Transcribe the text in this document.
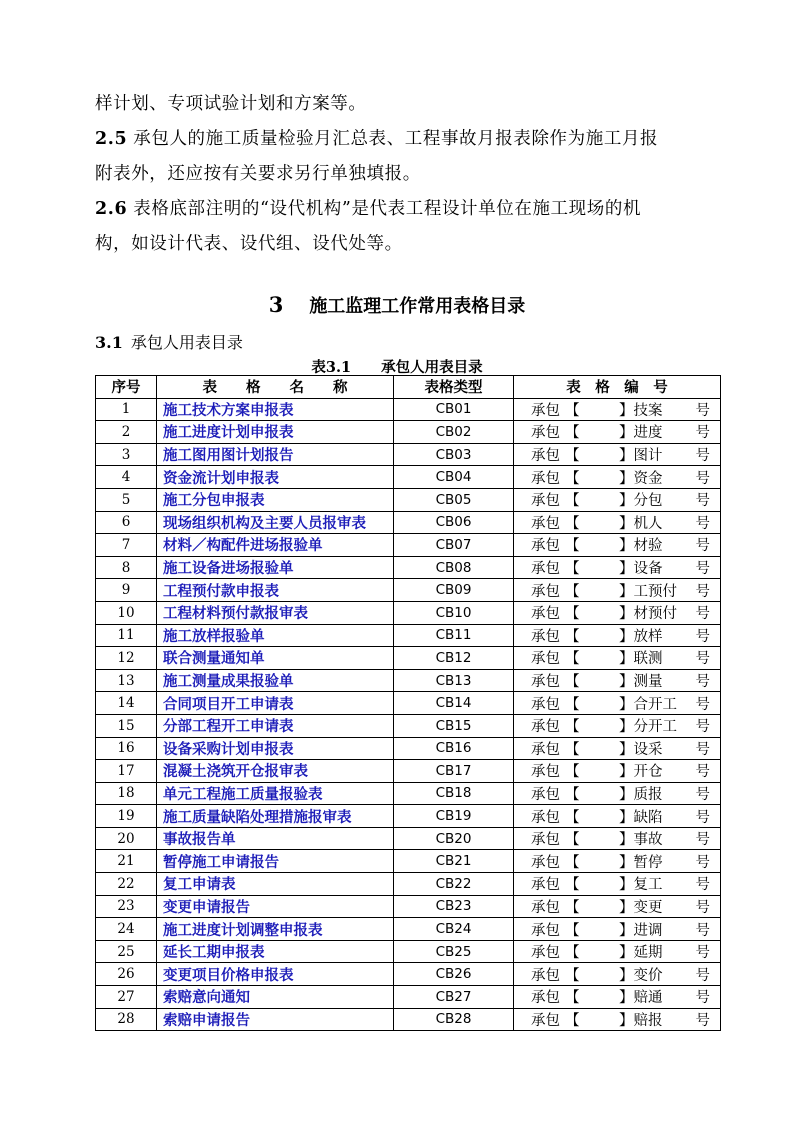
样计划、专项试验计划和方案等。
2.5 承包人的施工质量检验月汇总表、工程事故月报表除作为施工月报
附表外，还应按有关要求另行单独填报。
2.6 表格底部注明的“设代机构”是代表工程设计单位在施工现场的机
构，如设计代表、设代组、设代处等。
3 施工监理工作常用表格目录
3.1 承包人用表目录
表3.1 承包人用表目录
序号	表　　格　　名　　称	表格类型	表　格　编　号
1	施工技术方案申报表	CB01	承包 【 】技案 号
2	施工进度计划申报表	CB02	承包 【 】进度 号
3	施工图用图计划报告	CB03	承包 【 】图计 号
4	资金流计划申报表	CB04	承包 【 】资金 号
5	施工分包申报表	CB05	承包 【 】分包 号
6	现场组织机构及主要人员报审表	CB06	承包 【 】机人 号
7	材料／构配件进场报验单	CB07	承包 【 】材验 号
8	施工设备进场报验单	CB08	承包 【 】设备 号
9	工程预付款申报表	CB09	承包 【 】工预付 号
10	工程材料预付款报审表	CB10	承包 【 】材预付 号
11	施工放样报验单	CB11	承包 【 】放样 号
12	联合测量通知单	CB12	承包 【 】联测 号
13	施工测量成果报验单	CB13	承包 【 】测量 号
14	合同项目开工申请表	CB14	承包 【 】合开工 号
15	分部工程开工申请表	CB15	承包 【 】分开工 号
16	设备采购计划申报表	CB16	承包 【 】设采 号
17	混凝土浇筑开仓报审表	CB17	承包 【 】开仓 号
18	单元工程施工质量报验表	CB18	承包 【 】质报 号
19	施工质量缺陷处理措施报审表	CB19	承包 【 】缺陷 号
20	事故报告单	CB20	承包 【 】事故 号
21	暂停施工申请报告	CB21	承包 【 】暂停 号
22	复工申请表	CB22	承包 【 】复工 号
23	变更申请报告	CB23	承包 【 】变更 号
24	施工进度计划调整申报表	CB24	承包 【 】进调 号
25	延长工期申报表	CB25	承包 【 】延期 号
26	变更项目价格申报表	CB26	承包 【 】变价 号
27	索赔意向通知	CB27	承包 【 】赔通 号
28	索赔申请报告	CB28	承包 【 】赔报 号
